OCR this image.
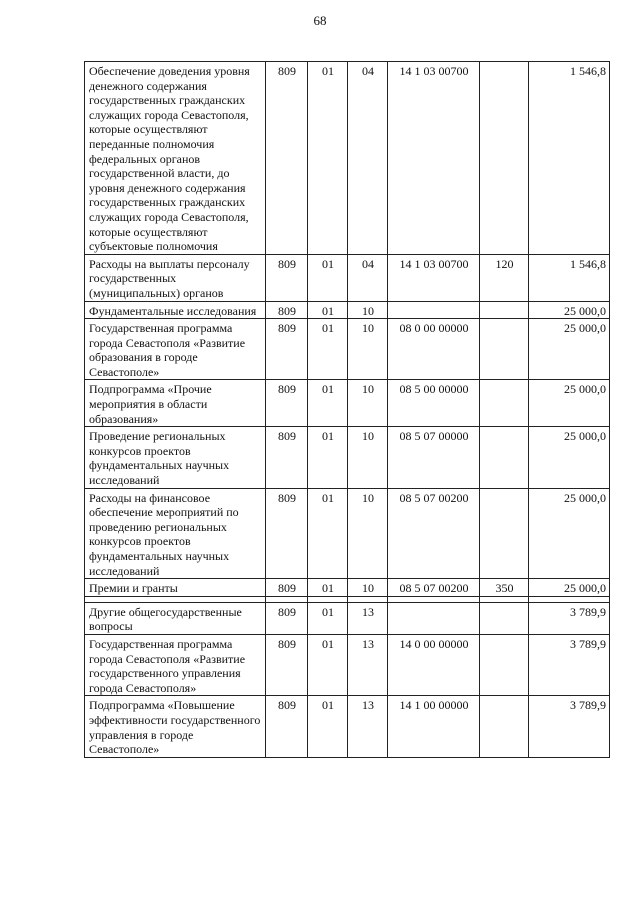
68
Обеспечение доведения уровня денежного содержания государственных гражданских служащих города Севастополя, которые осуществляют переданные полномочия федеральных органов государственной власти, до уровня денежного содержания государственных гражданских служащих города Севастополя, которые осуществляют субъектовые полномочия	809	01	04	14 1 03 00700		1 546,8
Расходы на выплаты персоналу государственных (муниципальных) органов	809	01	04	14 1 03 00700	120	1 546,8
Фундаментальные исследования	809	01	10			25 000,0
Государственная программа города Севастополя «Развитие образования в городе Севастополе»	809	01	10	08 0 00 00000		25 000,0
Подпрограмма «Прочие мероприятия в области образования»	809	01	10	08 5 00 00000		25 000,0
Проведение региональных конкурсов проектов фундаментальных научных исследований	809	01	10	08 5 07 00000		25 000,0
Расходы на финансовое обеспечение мероприятий по проведению региональных конкурсов проектов фундаментальных научных исследований	809	01	10	08 5 07 00200		25 000,0
Премии и гранты	809	01	10	08 5 07 00200	350	25 000,0

Другие общегосударственные вопросы	809	01	13			3 789,9
Государственная программа города Севастополя «Развитие государственного управления города Севастополя»	809	01	13	14 0 00 00000		3 789,9
Подпрограмма «Повышение эффективности государственного управления в городе Севастополе»	809	01	13	14 1 00 00000		3 789,9
